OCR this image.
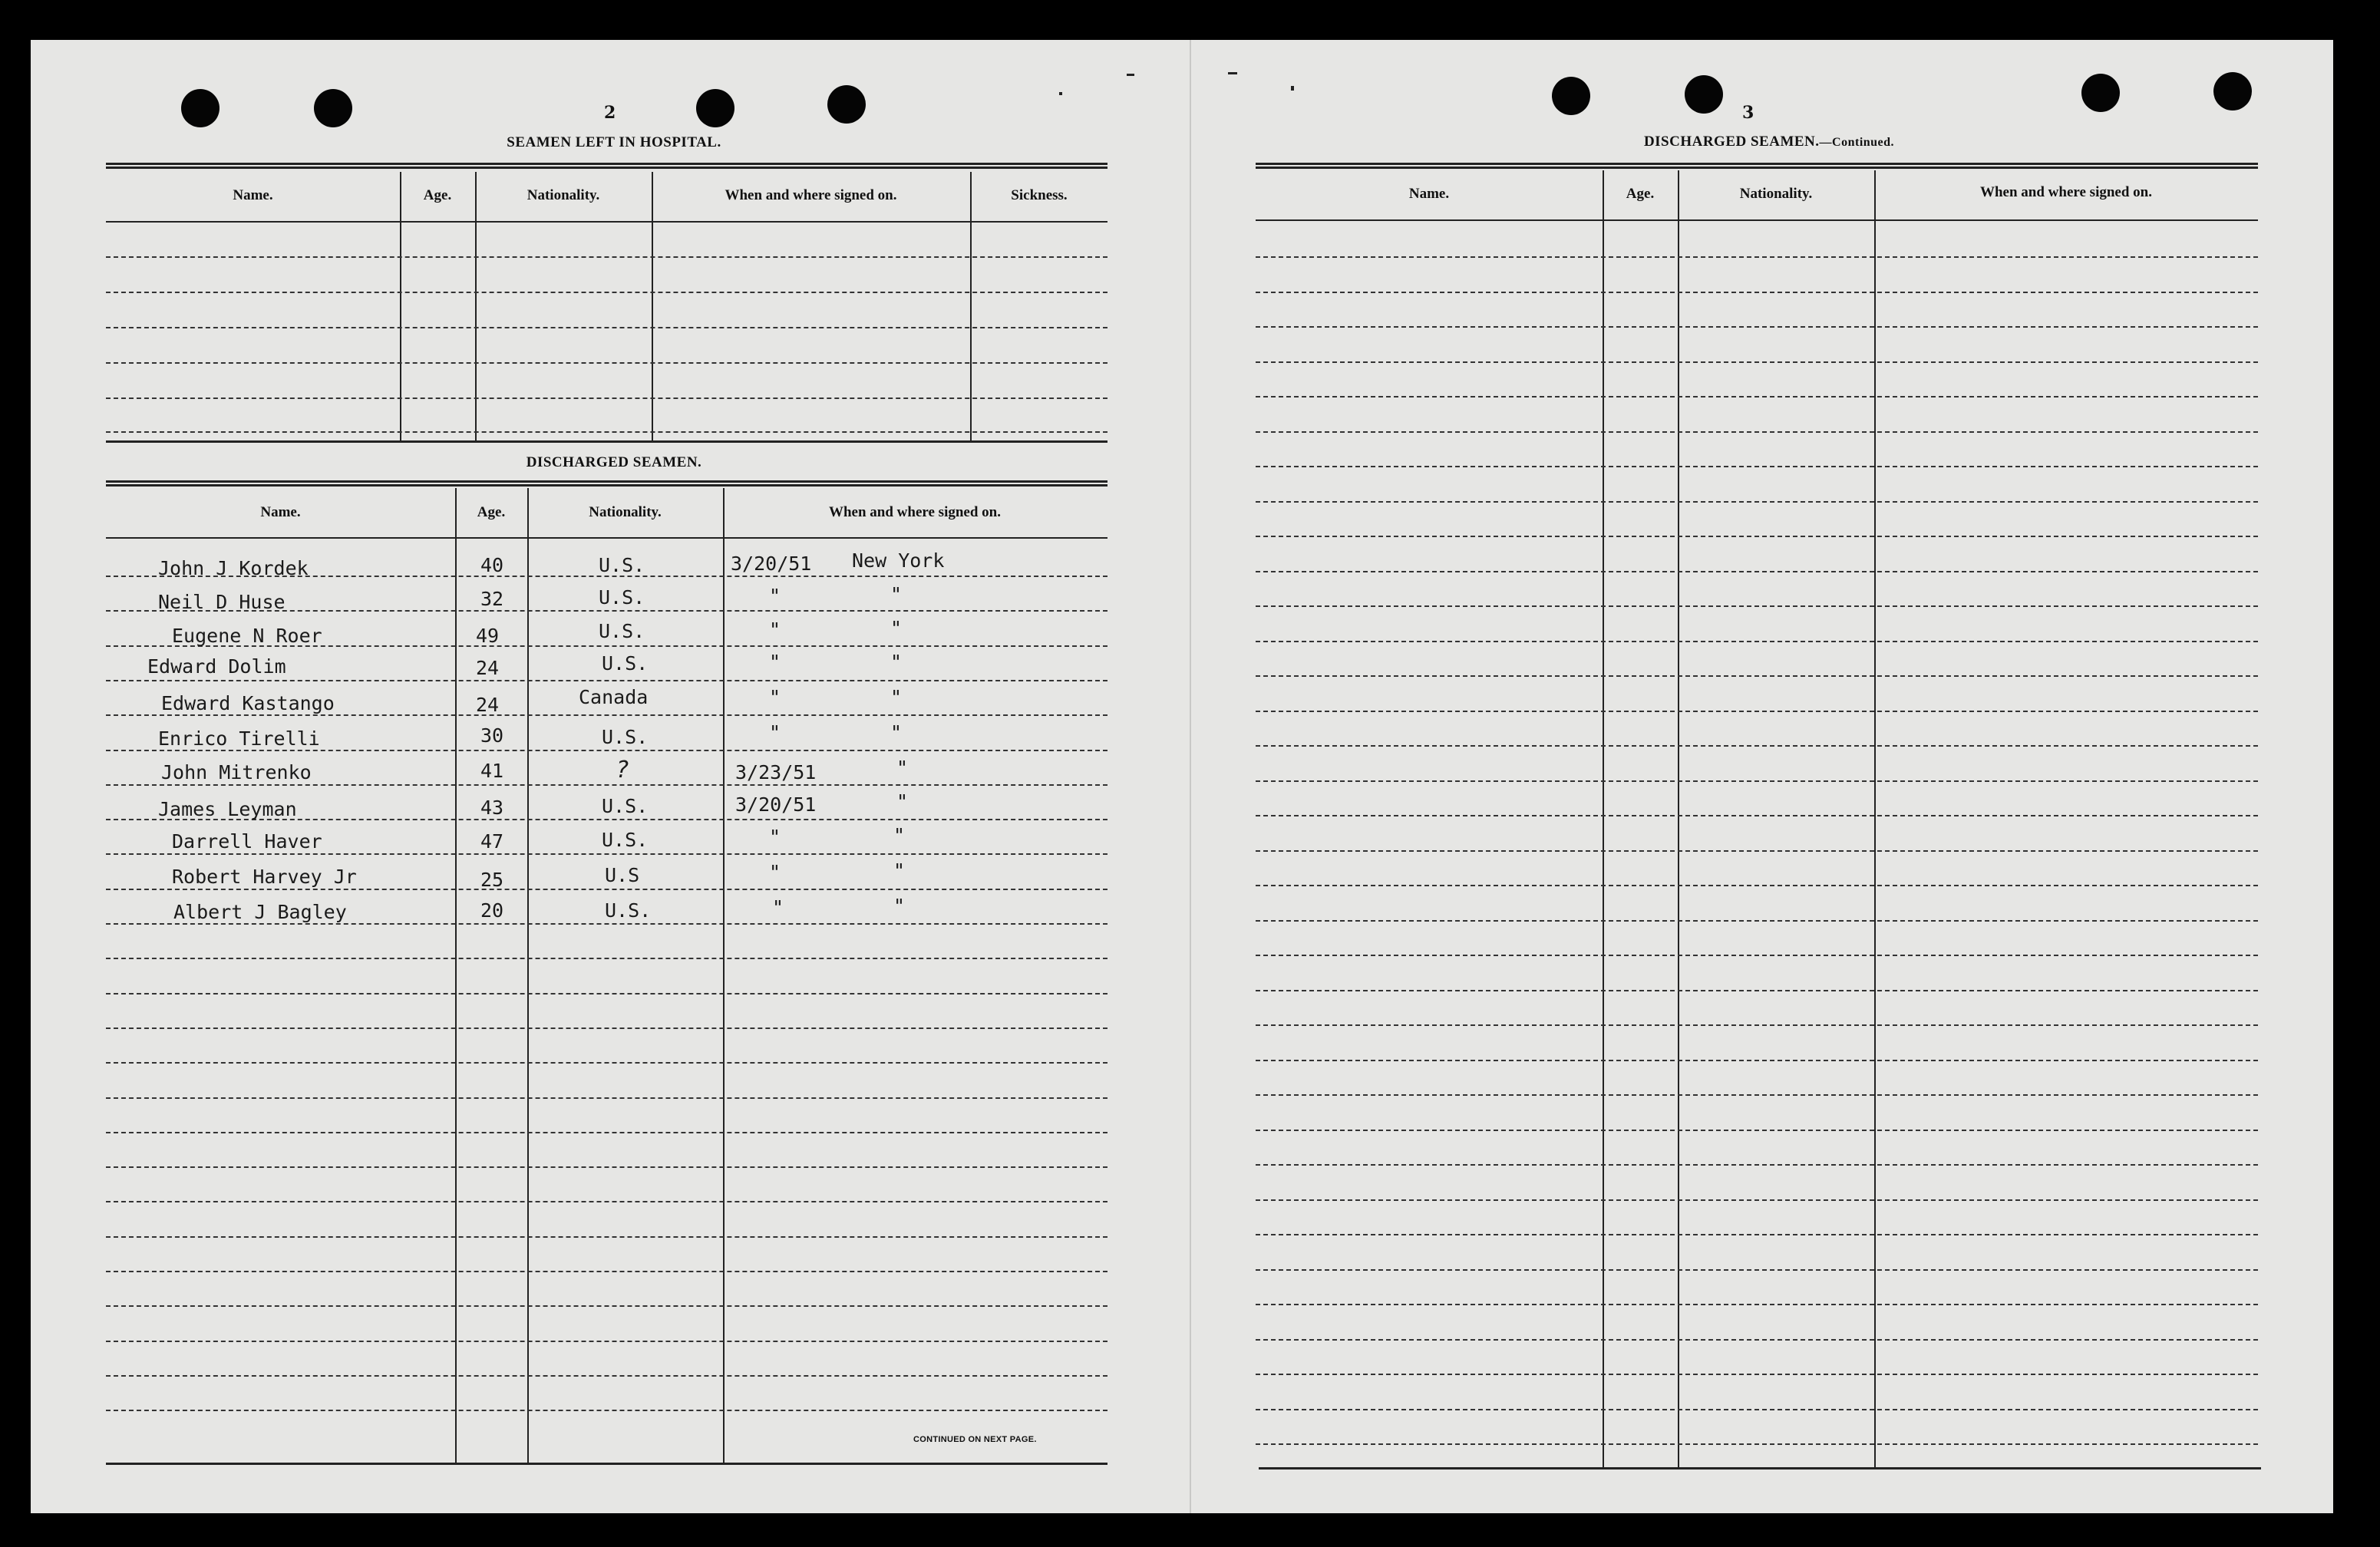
2
SEAMEN LEFT IN HOSPITAL.
Name.	Age.	Nationality.	When and where signed on.	Sickness.
DISCHARGED SEAMEN.
Name.	Age.	Nationality.	When and where signed on.
John J Kordek	40	U.S.	3/20/51 New York
Neil D Huse	32	U.S.	"	"
Eugene N Roer	49	U.S.	"	"
Edward Dolim	24	U.S.	"	"
Edward Kastango	24	Canada	"	"
Enrico Tirelli	30	U.S.	"	"
John Mitrenko	41	?	3/23/51	"
James Leyman	43	U.S.	3/20/51	"
Darrell Haver	47	U.S.	"	"
Robert Harvey Jr	25	U.S	"	"
Albert J Bagley	20	U.S.	"	"
CONTINUED ON NEXT PAGE.
3
DISCHARGED SEAMEN.—Continued.
Name.	Age.	Nationality.	When and where signed on.
